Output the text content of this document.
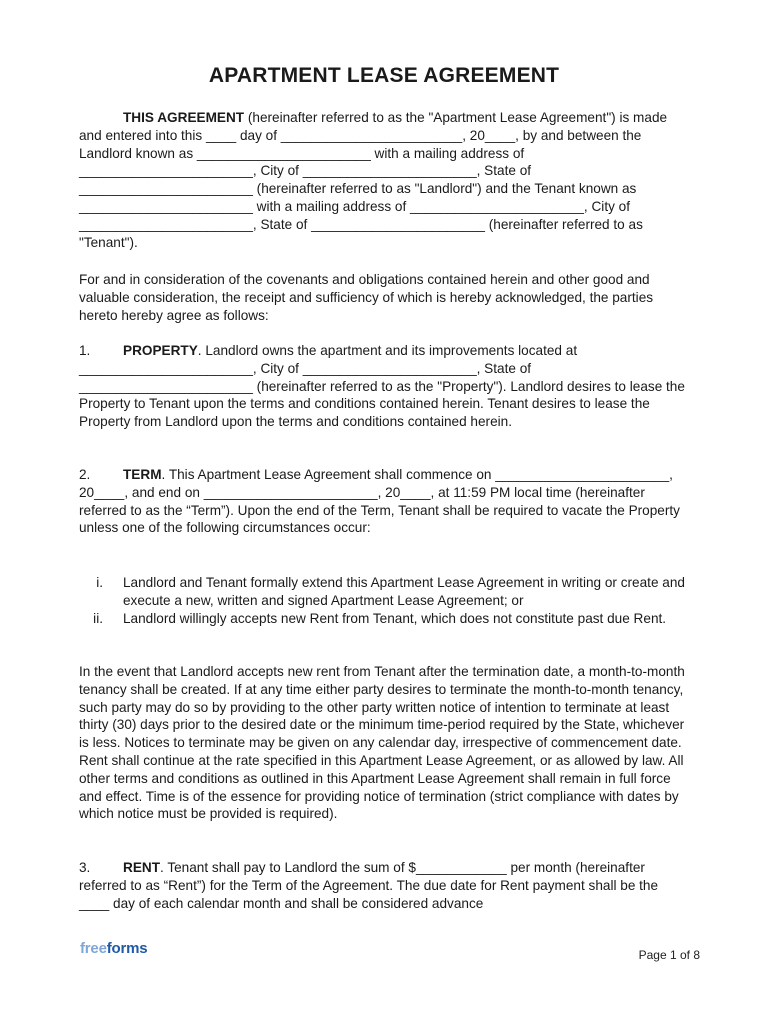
APARTMENT LEASE AGREEMENT

THIS AGREEMENT (hereinafter referred to as the "Apartment Lease Agreement") is made and entered into this ____ day of ________________________, 20____, by and between the Landlord known as _______________________ with a mailing address of _______________________, City of _______________________, State of _______________________ (hereinafter referred to as "Landlord") and the Tenant known as _______________________ with a mailing address of _______________________, City of _______________________, State of _______________________ (hereinafter referred to as "Tenant").

For and in consideration of the covenants and obligations contained herein and other good and valuable consideration, the receipt and sufficiency of which is hereby acknowledged, the parties hereto hereby agree as follows:

1. PROPERTY. Landlord owns the apartment and its improvements located at _______________________, City of _______________________, State of _______________________ (hereinafter referred to as the "Property"). Landlord desires to lease the Property to Tenant upon the terms and conditions contained herein. Tenant desires to lease the Property from Landlord upon the terms and conditions contained herein.

2. TERM. This Apartment Lease Agreement shall commence on _______________________, 20____, and end on _______________________, 20____, at 11:59 PM local time (hereinafter referred to as the “Term”). Upon the end of the Term, Tenant shall be required to vacate the Property unless one of the following circumstances occur:

i. Landlord and Tenant formally extend this Apartment Lease Agreement in writing or create and execute a new, written and signed Apartment Lease Agreement; or
ii. Landlord willingly accepts new Rent from Tenant, which does not constitute past due Rent.

In the event that Landlord accepts new rent from Tenant after the termination date, a month-to-month tenancy shall be created. If at any time either party desires to terminate the month-to-month tenancy, such party may do so by providing to the other party written notice of intention to terminate at least thirty (30) days prior to the desired date or the minimum time-period required by the State, whichever is less. Notices to terminate may be given on any calendar day, irrespective of commencement date. Rent shall continue at the rate specified in this Apartment Lease Agreement, or as allowed by law. All other terms and conditions as outlined in this Apartment Lease Agreement shall remain in full force and effect. Time is of the essence for providing notice of termination (strict compliance with dates by which notice must be provided is required).

3. RENT. Tenant shall pay to Landlord the sum of $____________ per month (hereinafter referred to as “Rent”) for the Term of the Agreement. The due date for Rent payment shall be the ____ day of each calendar month and shall be considered advance

freeforms	Page 1 of 8
